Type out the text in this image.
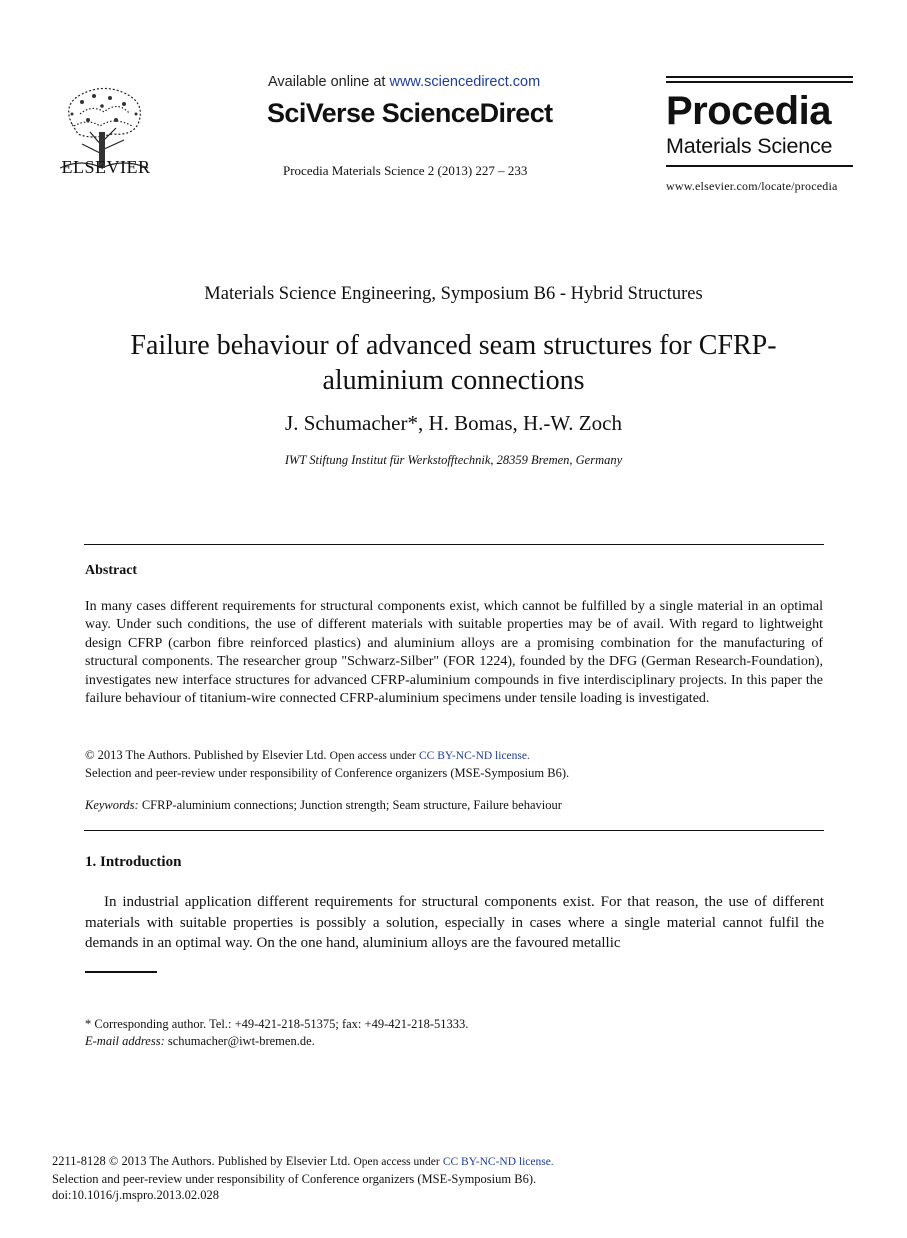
ELSEVIER
Available online at www.sciencedirect.com
SciVerse ScienceDirect
Procedia Materials Science 2 (2013) 227 – 233
Procedia
Materials Science
www.elsevier.com/locate/procedia
Materials Science Engineering, Symposium B6 - Hybrid Structures
Failure behaviour of advanced seam structures for CFRP-
aluminium connections
J. Schumacher*, H. Bomas, H.-W. Zoch
IWT Stiftung Institut für Werkstofftechnik, 28359 Bremen, Germany
Abstract
In many cases different requirements for structural components exist, which cannot be fulfilled by a single material in an optimal way. Under such conditions, the use of different materials with suitable properties may be of avail. With regard to lightweight design CFRP (carbon fibre reinforced plastics) and aluminium alloys are a promising combination for the manufacturing of structural components. The researcher group "Schwarz-Silber" (FOR 1224), founded by the DFG (German Research-Foundation), investigates new interface structures for advanced CFRP-aluminium compounds in five interdisciplinary projects. In this paper the failure behaviour of titanium-wire connected CFRP-aluminium specimens under tensile loading is investigated.
© 2013 The Authors. Published by Elsevier Ltd. Open access under CC BY-NC-ND license.
Selection and peer-review under responsibility of Conference organizers (MSE-Symposium B6).
Keywords: CFRP-aluminium connections; Junction strength; Seam structure, Failure behaviour
1. Introduction
In industrial application different requirements for structural components exist. For that reason, the use of different materials with suitable properties is possibly a solution, especially in cases where a single material cannot fulfil the demands in an optimal way. On the one hand, aluminium alloys are the favoured metallic
* Corresponding author. Tel.: +49-421-218-51375; fax: +49-421-218-51333.
E-mail address: schumacher@iwt-bremen.de.
2211-8128 © 2013 The Authors. Published by Elsevier Ltd. Open access under CC BY-NC-ND license.
Selection and peer-review under responsibility of Conference organizers (MSE-Symposium B6).
doi:10.1016/j.mspro.2013.02.028
